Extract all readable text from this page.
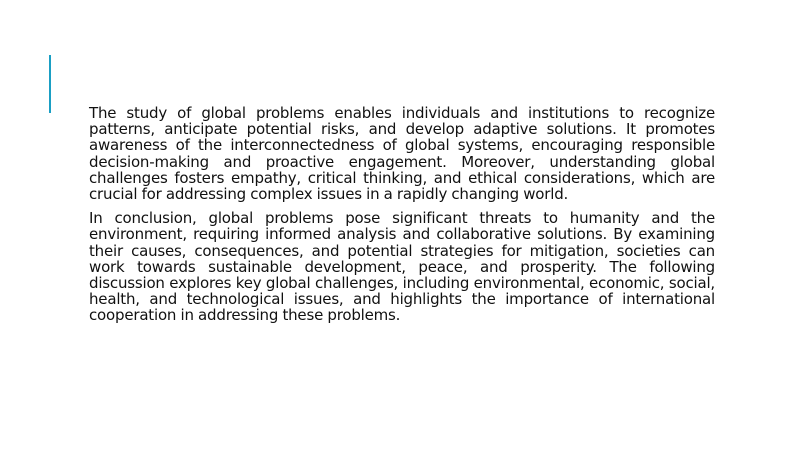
The study of global problems enables individuals and institutions to recognize patterns, anticipate potential risks, and develop adaptive solutions. It promotes awareness of the interconnectedness of global systems, encouraging responsible decision-making and proactive engagement. Moreover, understanding global challenges fosters empathy, critical thinking, and ethical considerations, which are crucial for addressing complex issues in a rapidly changing world.

In conclusion, global problems pose significant threats to humanity and the environment, requiring informed analysis and collaborative solutions. By examining their causes, consequences, and potential strategies for mitigation, societies can work towards sustainable development, peace, and prosperity. The following discussion explores key global challenges, including environmental, economic, social, health, and technological issues, and highlights the importance of international cooperation in addressing these problems.
